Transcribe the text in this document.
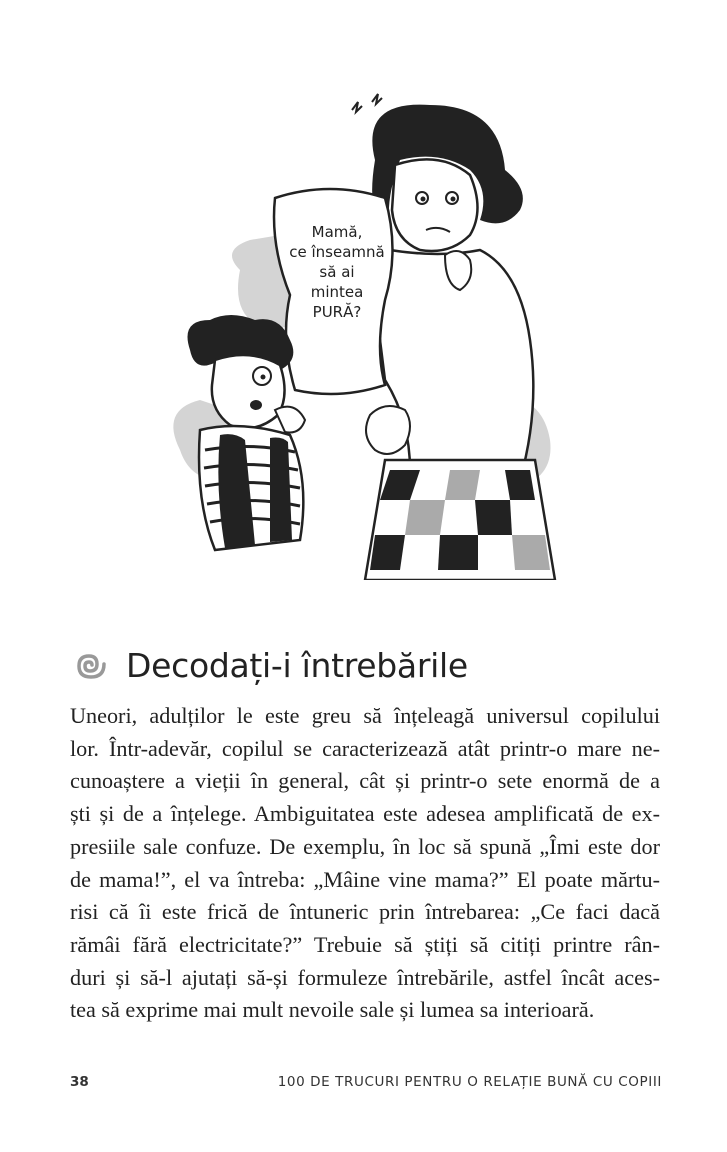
Mamă,
ce înseamnă
să ai
mintea
PURĂ?
Decodați-i întrebările
Uneori, adulților le este greu să înțeleagă universul copilului
lor. Într-adevăr, copilul se caracterizează atât printr-o mare ne-
cunoaștere a vieții în general, cât și printr-o sete enormă de a
ști și de a înțelege. Ambiguitatea este adesea amplificată de ex-
presiile sale confuze. De exemplu, în loc să spună „Îmi este dor
de mama!”, el va întreba: „Mâine vine mama?” El poate mărtu-
risi că îi este frică de întuneric prin întrebarea: „Ce faci dacă
rămâi fără electricitate?” Trebuie să știți să citiți printre rân-
duri și să-l ajutați să-și formuleze întrebările, astfel încât aces-
tea să exprime mai mult nevoile sale și lumea sa interioară.
38	100 DE TRUCURI PENTRU O RELAȚIE BUNĂ CU COPIII
